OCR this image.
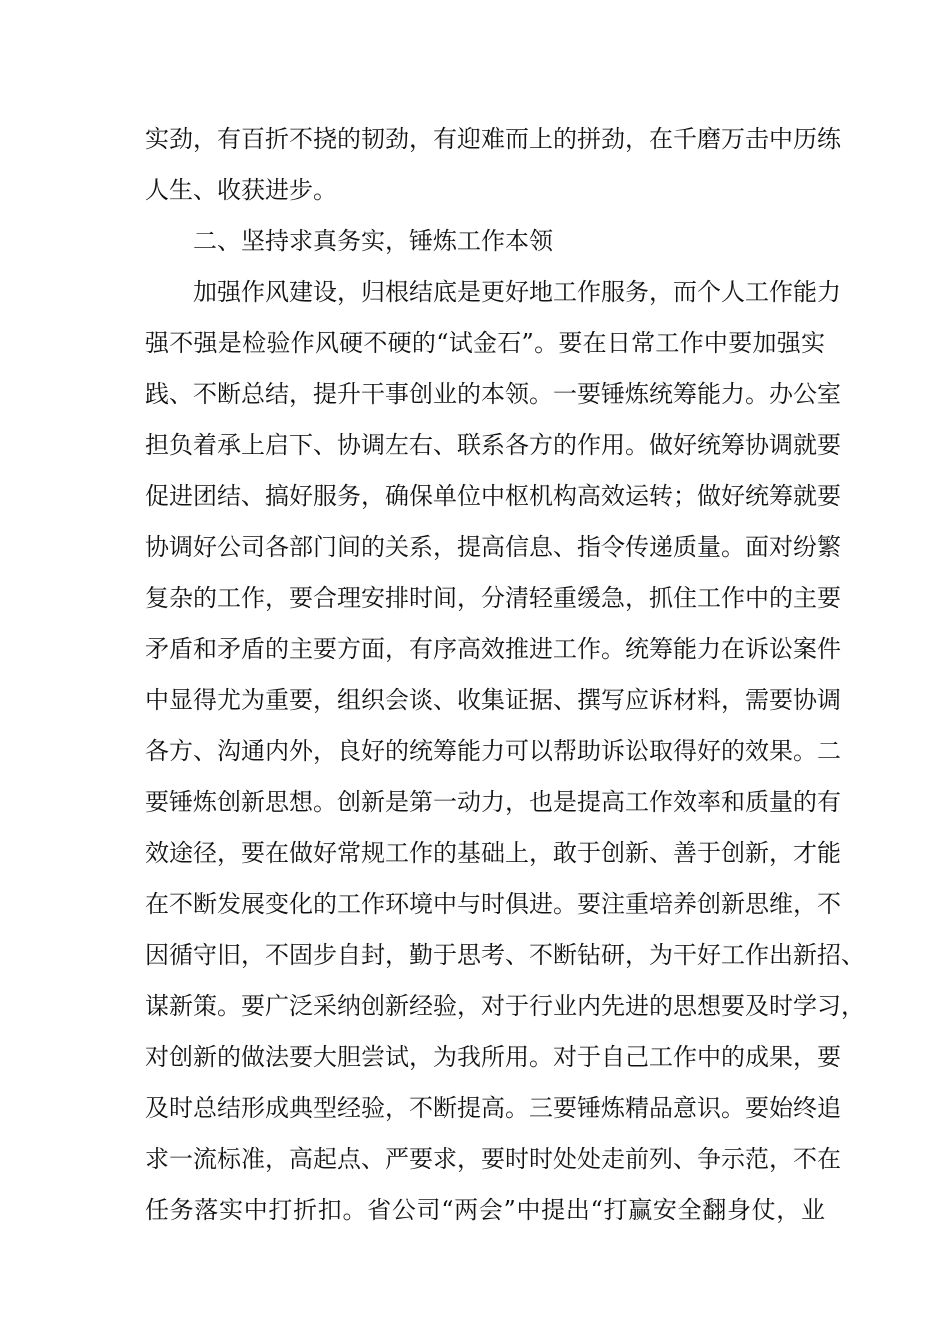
实劲，有百折不挠的韧劲，有迎难而上的拼劲，在千磨万击中历练
人生、收获进步。
二、坚持求真务实，锤炼工作本领
加强作风建设，归根结底是更好地工作服务，而个人工作能力
强不强是检验作风硬不硬的“试金石”。要在日常工作中要加强实
践、不断总结，提升干事创业的本领。一要锤炼统筹能力。办公室
担负着承上启下、协调左右、联系各方的作用。做好统筹协调就要
促进团结、搞好服务，确保单位中枢机构高效运转；做好统筹就要
协调好公司各部门间的关系，提高信息、指令传递质量。面对纷繁
复杂的工作，要合理安排时间，分清轻重缓急，抓住工作中的主要
矛盾和矛盾的主要方面，有序高效推进工作。统筹能力在诉讼案件
中显得尤为重要，组织会谈、收集证据、撰写应诉材料，需要协调
各方、沟通内外，良好的统筹能力可以帮助诉讼取得好的效果。二
要锤炼创新思想。创新是第一动力，也是提高工作效率和质量的有
效途径，要在做好常规工作的基础上，敢于创新、善于创新，才能
在不断发展变化的工作环境中与时俱进。要注重培养创新思维，不
因循守旧，不固步自封，勤于思考、不断钻研，为干好工作出新招、
谋新策。要广泛采纳创新经验，对于行业内先进的思想要及时学习，
对创新的做法要大胆尝试，为我所用。对于自己工作中的成果，要
及时总结形成典型经验，不断提高。三要锤炼精品意识。要始终追
求一流标准，高起点、严要求，要时时处处走前列、争示范，不在
任务落实中打折扣。省公司“两会”中提出“打赢安全翻身仗，业
